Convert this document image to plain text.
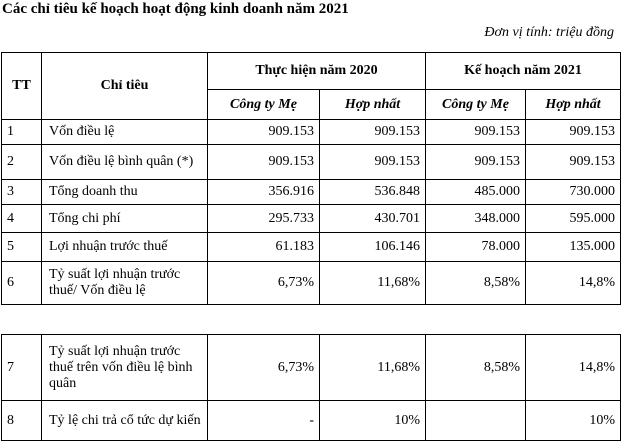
Các chỉ tiêu kế hoạch hoạt động kinh doanh năm 2021
Đơn vị tính: triệu đồng
TT	Chỉ tiêu	Thực hiện năm 2020		Kế hoạch năm 2021	
		Công ty Mẹ	Hợp nhất	Công ty Mẹ	Hợp nhất
1	Vốn điều lệ	909.153	909.153	909.153	909.153
2	Vốn điều lệ bình quân (*)	909.153	909.153	909.153	909.153
3	Tổng doanh thu	356.916	536.848	485.000	730.000
4	Tổng chi phí	295.733	430.701	348.000	595.000
5	Lợi nhuận trước thuế	61.183	106.146	78.000	135.000
6	Tỷ suất lợi nhuận trước thuế/ Vốn điều lệ	6,73%	11,68%	8,58%	14,8%
7	Tỷ suất lợi nhuận trước thuế trên vốn điều lệ bình quân	6,73%	11,68%	8,58%	14,8%
8	Tỷ lệ chi trả cổ tức dự kiến	-	10%		10%
